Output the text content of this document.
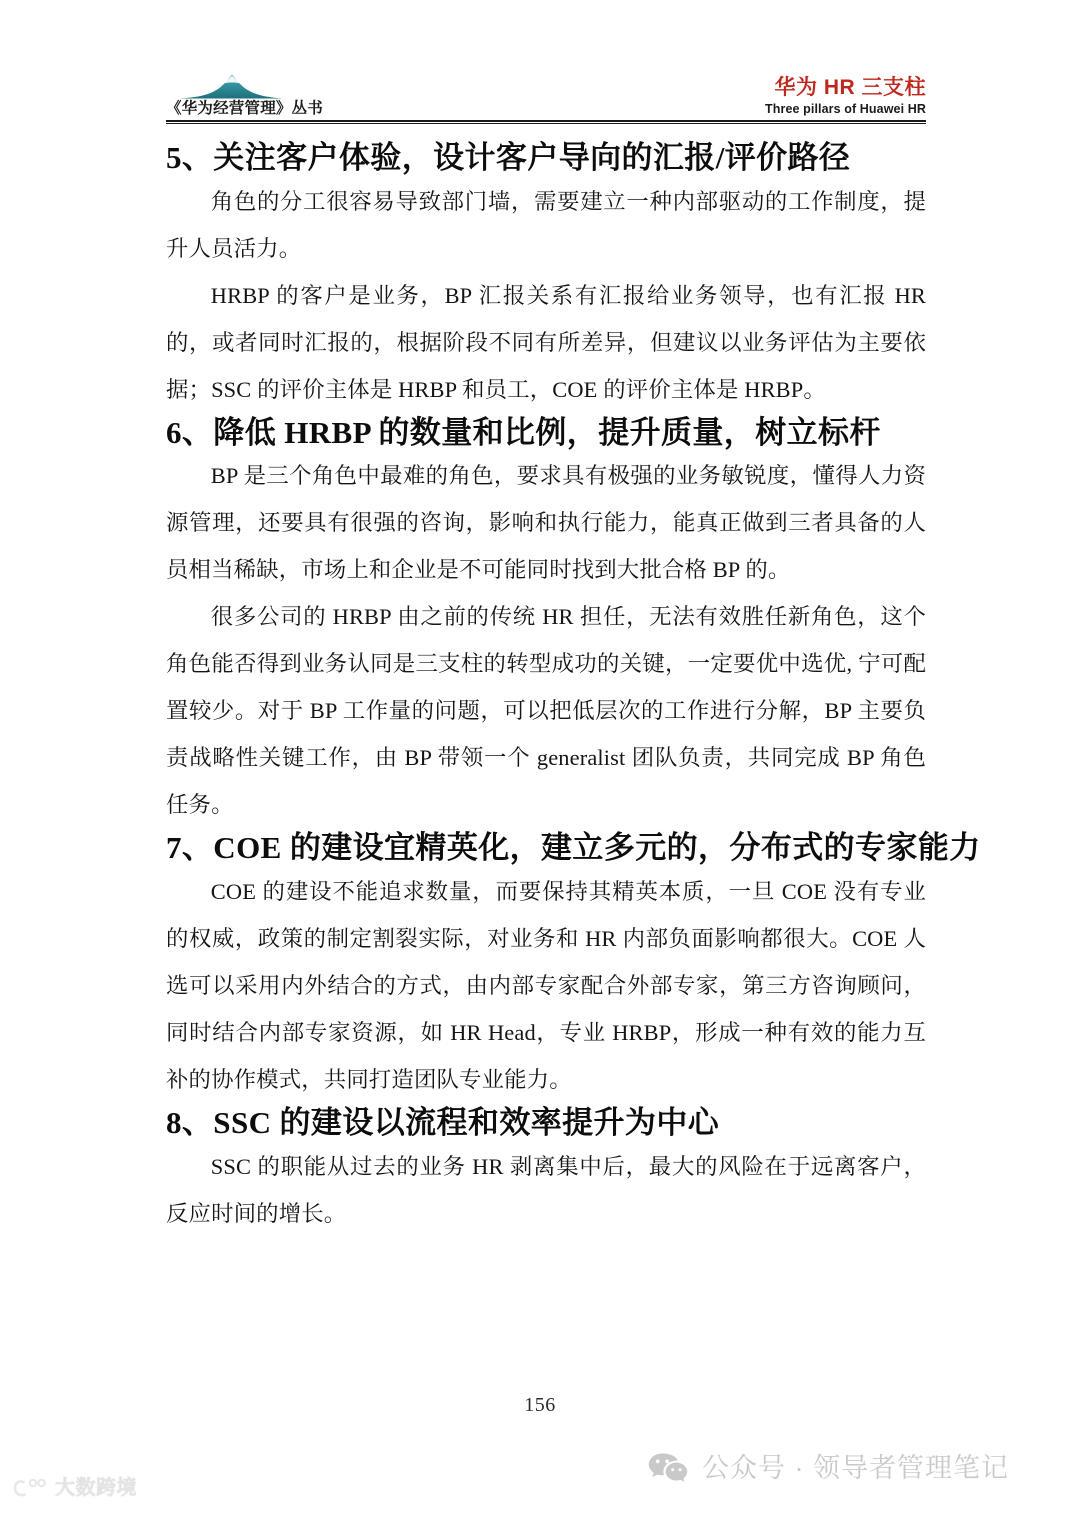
《华为经营管理》丛书
华为 HR 三支柱
Three pillars of Huawei HR
5、关注客户体验，设计客户导向的汇报/评价路径

角色的分工很容易导致部门墙，需要建立一种内部驱动的工作制度，提升人员活力。

HRBP 的客户是业务，BP 汇报关系有汇报给业务领导，也有汇报 HR 的，或者同时汇报的，根据阶段不同有所差异，但建议以业务评估为主要依据；SSC 的评价主体是 HRBP 和员工，COE 的评价主体是 HRBP。

6、降低 HRBP 的数量和比例，提升质量，树立标杆

BP 是三个角色中最难的角色，要求具有极强的业务敏锐度，懂得人力资源管理，还要具有很强的咨询，影响和执行能力，能真正做到三者具备的人员相当稀缺，市场上和企业是不可能同时找到大批合格 BP 的。

很多公司的 HRBP 由之前的传统 HR 担任，无法有效胜任新角色，这个角色能否得到业务认同是三支柱的转型成功的关键，一定要优中选优, 宁可配置较少。对于 BP 工作量的问题，可以把低层次的工作进行分解，BP 主要负责战略性关键工作，由 BP 带领一个 generalist 团队负责，共同完成 BP 角色任务。

7、COE 的建设宜精英化，建立多元的，分布式的专家能力

COE 的建设不能追求数量，而要保持其精英本质，一旦 COE 没有专业的权威，政策的制定割裂实际，对业务和 HR 内部负面影响都很大。COE 人选可以采用内外结合的方式，由内部专家配合外部专家，第三方咨询顾问，同时结合内部专家资源，如 HR Head，专业 HRBP，形成一种有效的能力互补的协作模式，共同打造团队专业能力。

8、SSC 的建设以流程和效率提升为中心

SSC 的职能从过去的业务 HR 剥离集中后，最大的风险在于远离客户，反应时间的增长。

156
公众号 · 领导者管理笔记
大数跨境
